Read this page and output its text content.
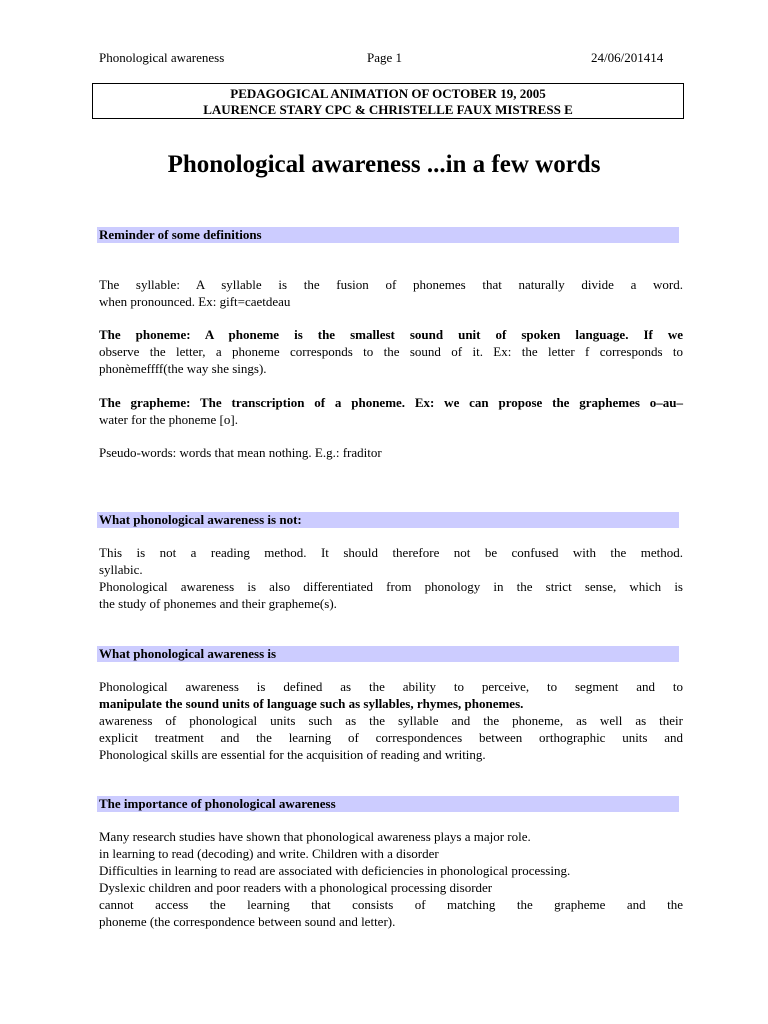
Phonological awareness	Page 1	24/06/201414
PEDAGOGICAL ANIMATION OF OCTOBER 19, 2005
LAURENCE STARY CPC & CHRISTELLE FAUX MISTRESS E
Phonological awareness ...in a few words
Reminder of some definitions
The syllable: A syllable is the fusion of phonemes that naturally divide a word.
when pronounced. Ex: gift=caetdeau
The phoneme: A phoneme is the smallest sound unit of spoken language. If we
observe the letter, a phoneme corresponds to the sound of it. Ex: the letter f corresponds to
phonèmeffff(the way she sings).
The grapheme: The transcription of a phoneme. Ex: we can propose the graphemes o–au–
water for the phoneme [o].
Pseudo-words: words that mean nothing. E.g.: fraditor
What phonological awareness is not:
This is not a reading method. It should therefore not be confused with the method.
syllabic.
Phonological awareness is also differentiated from phonology in the strict sense, which is
the study of phonemes and their grapheme(s).
What phonological awareness is
Phonological awareness is defined as the ability to perceive, to segment and to
manipulate the sound units of language such as syllables, rhymes, phonemes.
awareness of phonological units such as the syllable and the phoneme, as well as their
explicit treatment and the learning of correspondences between orthographic units and
Phonological skills are essential for the acquisition of reading and writing.
The importance of phonological awareness
Many research studies have shown that phonological awareness plays a major role.
in learning to read (decoding) and write. Children with a disorder
Difficulties in learning to read are associated with deficiencies in phonological processing.
Dyslexic children and poor readers with a phonological processing disorder
cannot access the learning that consists of matching the grapheme and the
phoneme (the correspondence between sound and letter).
